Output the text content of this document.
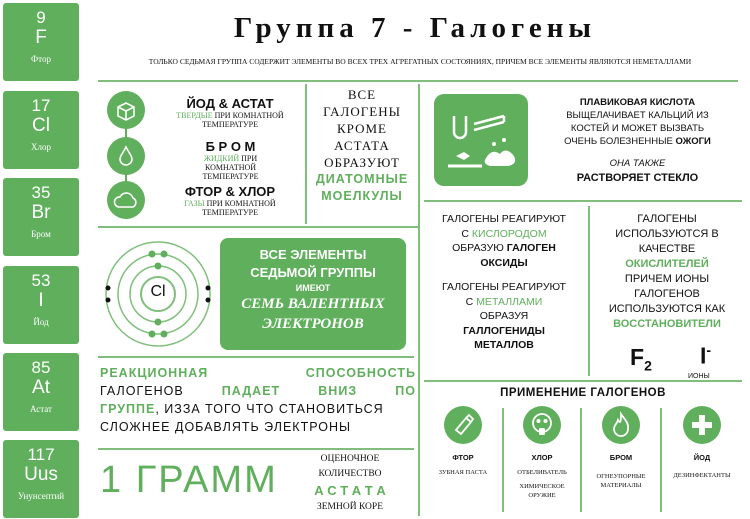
9
F
Фтор
17
Cl
Хлор
35
Br
Бром
53
I
Йод
85
At
Астат
117
Uus
Унунсептий
Группа 7 - Галогены
ТОЛЬКО СЕДЬМАЯ ГРУППА СОДЕРЖИТ ЭЛЕМЕНТЫ ВО ВСЕХ ТРЕХ АГРЕГАТНЫХ СОСТОЯНИЯХ, ПРИЧЕМ ВСЕ ЭЛЕМЕНТЫ ЯВЛЯЮТСЯ НЕМЕТАЛЛАМИ
ЙОД & АСТАТ
ТВЕРДЫЕ ПРИ КОМНАТНОЙ ТЕМПЕРАТУРЕ
Б Р О М
ЖИДКИЙ ПРИ КОМНАТНОЙ ТЕМПЕРАТУРЕ
ФТОР & ХЛОР
ГАЗЫ ПРИ КОМНАТНОЙ ТЕМПЕРАТУРЕ
ВСЕ
ГАЛОГЕНЫ
КРОМЕ
АСТАТА
ОБРАЗУЮТ
ДИАТОМНЫЕ
МОЕЛКУЛЫ
Cl
ВСЕ ЭЛЕМЕНТЫ
СЕДЬМОЙ ГРУППЫ
ИМЕЮТ
СЕМЬ ВАЛЕНТНЫХ
ЭЛЕКТРОНОВ
РЕАКЦИОННАЯ	СПОСОБНОСТЬ
ГАЛОГЕНОВ	ПАДАЕТ	ВНИЗ	ПО
ГРУППЕ, ИЗЗА ТОГО ЧТО СТАНОВИТЬСЯ
СЛОЖНЕЕ ДОБАВЛЯТЬ ЭЛЕКТРОНЫ
1 ГРАММ	ОЦЕНОЧНОЕ
КОЛИЧЕСТВО
А С Т А Т А
ЗЕМНОЙ КОРЕ
ПЛАВИКОВАЯ КИСЛОТА
ВЫЩЕЛАЧИВАЕТ КАЛЬЦИЙ ИЗ
КОСТЕЙ И МОЖЕТ ВЫЗВАТЬ
ОЧЕНЬ БОЛЕЗНЕННЫЕ ОЖОГИ
ОНА ТАКЖЕ
РАСТВОРЯЕТ СТЕКЛО
ГАЛОГЕНЫ РЕАГИРУЮТ
С КИСЛОРОДОМ
ОБРАЗУЮ ГАЛОГЕН
ОКСИДЫ
ГАЛОГЕНЫ РЕАГИРУЮТ
С МЕТАЛЛАМИ
ОБРАЗУЯ
ГАЛЛОГЕНИДЫ
МЕТАЛЛОВ
ГАЛОГЕНЫ
ИСПОЛЬЗУЮТСЯ В
КАЧЕСТВЕ
ОКИСЛИТЕЛЕЙ
ПРИЧЕМ ИОНЫ
ГАЛОГЕНОВ
ИСПОЛЬЗУЮТСЯ КАК
ВОССТАНОВИТЕЛИ
$F_2$ I-
ИОНЫ
ПРИМЕНЕНИЕ ГАЛОГЕНОВ
ФТОР
ЗУБНАЯ ПАСТА
ХЛОР
ОТБЕЛИВАТЕЛЬ
ХИМИЧЕСКОЕ ОРУЖИЕ
БРОМ
ОГНЕУПОРНЫЕ МАТЕРИАЛЫ
ЙОД
ДЕЗИНФЕКТАНТЫ
